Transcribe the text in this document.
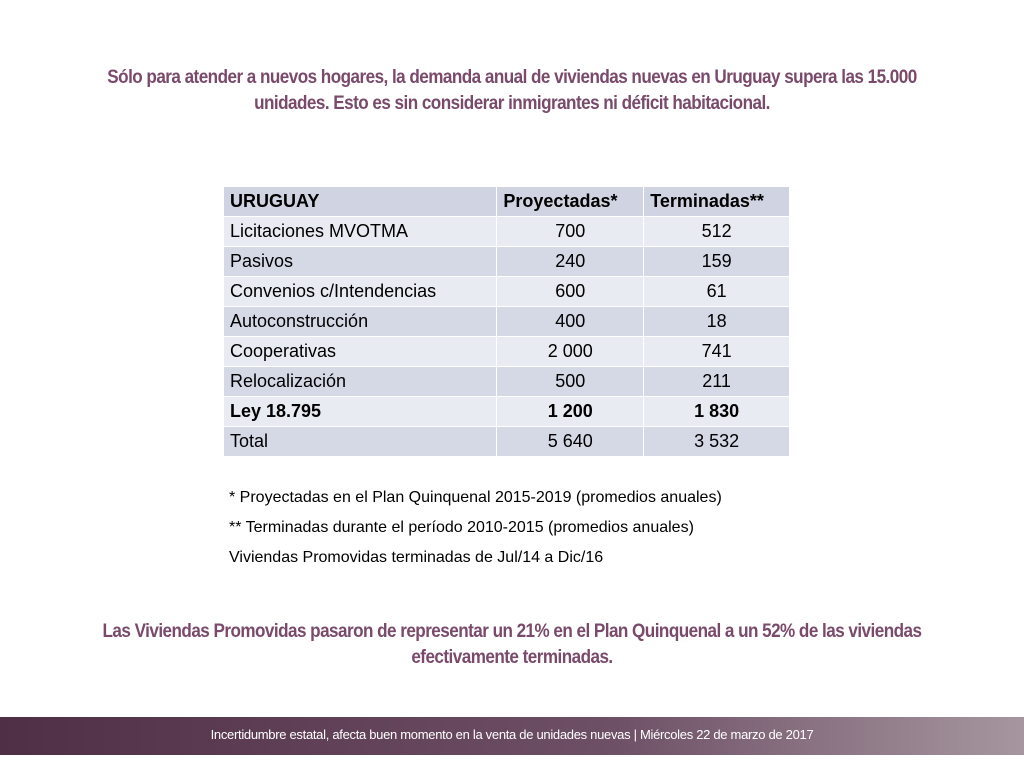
Sólo para atender a nuevos hogares, la demanda anual de viviendas nuevas en Uruguay supera las 15.000 unidades. Esto es sin considerar inmigrantes ni déficit habitacional.
URUGUAY	Proyectadas*	Terminadas**
Licitaciones MVOTMA	700	512
Pasivos	240	159
Convenios c/Intendencias	600	61
Autoconstrucción	400	18
Cooperativas	2 000	741
Relocalización	500	211
Ley 18.795	1 200	1 830
Total	5 640	3 532
* Proyectadas en el Plan Quinquenal 2015-2019 (promedios anuales)
** Terminadas durante el período 2010-2015 (promedios anuales)
Viviendas Promovidas terminadas de Jul/14 a Dic/16
Las Viviendas Promovidas pasaron de representar un 21% en el Plan Quinquenal a un 52% de las viviendas efectivamente terminadas.
Incertidumbre estatal, afecta buen momento en la venta de unidades nuevas | Miércoles 22 de marzo de 2017
